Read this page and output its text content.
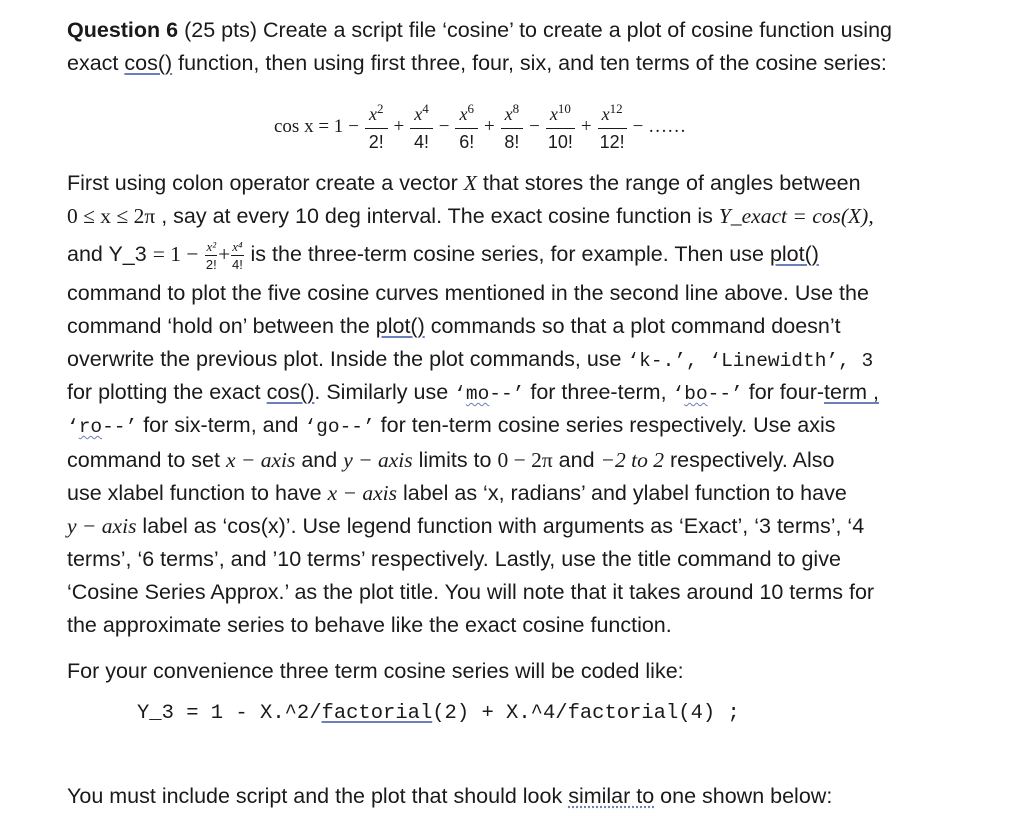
Question 6 (25 pts) Create a script file ‘cosine’ to create a plot of cosine function using
exact cos() function, then using first three, four, six, and ten terms of the cosine series:
$\cos x = 1 - \frac{x^2}{2!} + \frac{x^4}{4!} - \frac{x^6}{6!} + \frac{x^8}{8!} - \frac{x^{10}}{10!} + \frac{x^{12}}{12!}$ − ……
First using colon operator create a vector X that stores the range of angles between
0 ≤ x ≤ 2π , say at every 10 deg interval. The exact cosine function is Y_exact = cos(X),
and Y_3 = $1 - \frac{\text{x²}}{2!} + \frac{\text{x⁴}}{4!}$ is the three-term cosine series, for example. Then use plot()
command to plot the five cosine curves mentioned in the second line above. Use the
command ‘hold on’ between the plot() commands so that a plot command doesn’t
overwrite the previous plot. Inside the plot commands, use ‘k-.’, ‘Linewidth’, 3
for plotting the exact cos(). Similarly use ‘mo--’ for three-term, ‘bo--’ for four-term ,
‘ro--’ for six-term, and ‘go--’ for ten-term cosine series respectively. Use axis
command to set x − axis and y − axis limits to 0 − 2π and −2 to 2 respectively. Also
use xlabel function to have x − axis label as ‘x, radians’ and ylabel function to have
y − axis label as ‘cos(x)’. Use legend function with arguments as ‘Exact’, ‘3 terms’, ‘4
terms’, ‘6 terms’, and ’10 terms’ respectively. Lastly, use the title command to give
‘Cosine Series Approx.’ as the plot title. You will note that it takes around 10 terms for
the approximate series to behave like the exact cosine function.
For your convenience three term cosine series will be coded like:
Y_3 = 1 - X.^2/factorial(2) + X.^4/factorial(4) ;
You must include script and the plot that should look similar to one shown below:
